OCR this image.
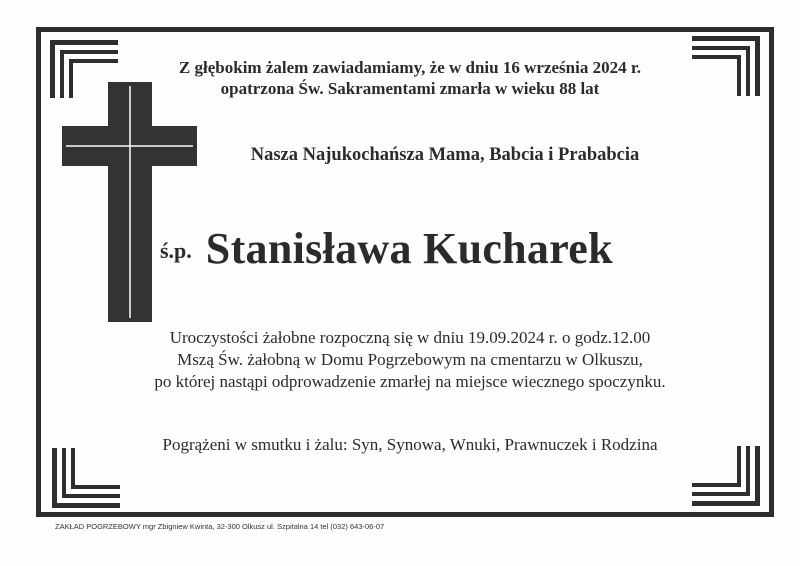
Z głębokim żalem zawiadamiamy, że w dniu 16 września 2024 r.
opatrzona Św. Sakramentami zmarła w wieku 88 lat
Nasza Najukochańsza Mama, Babcia i Prababcia
ś.p. Stanisława Kucharek
Uroczystości żałobne rozpoczną się w dniu 19.09.2024 r. o godz.12.00
Mszą Św. żałobną w Domu Pogrzebowym na cmentarzu w Olkuszu,
po której nastąpi odprowadzenie zmarłej na miejsce wiecznego spoczynku.
Pogrążeni w smutku i żalu: Syn, Synowa, Wnuki, Prawnuczek i Rodzina
ZAKŁAD POGRZEBOWY mgr Zbigniew Kwinta, 32-300 Olkusz ul. Szpitalna 14 tel (032) 643-06-07
